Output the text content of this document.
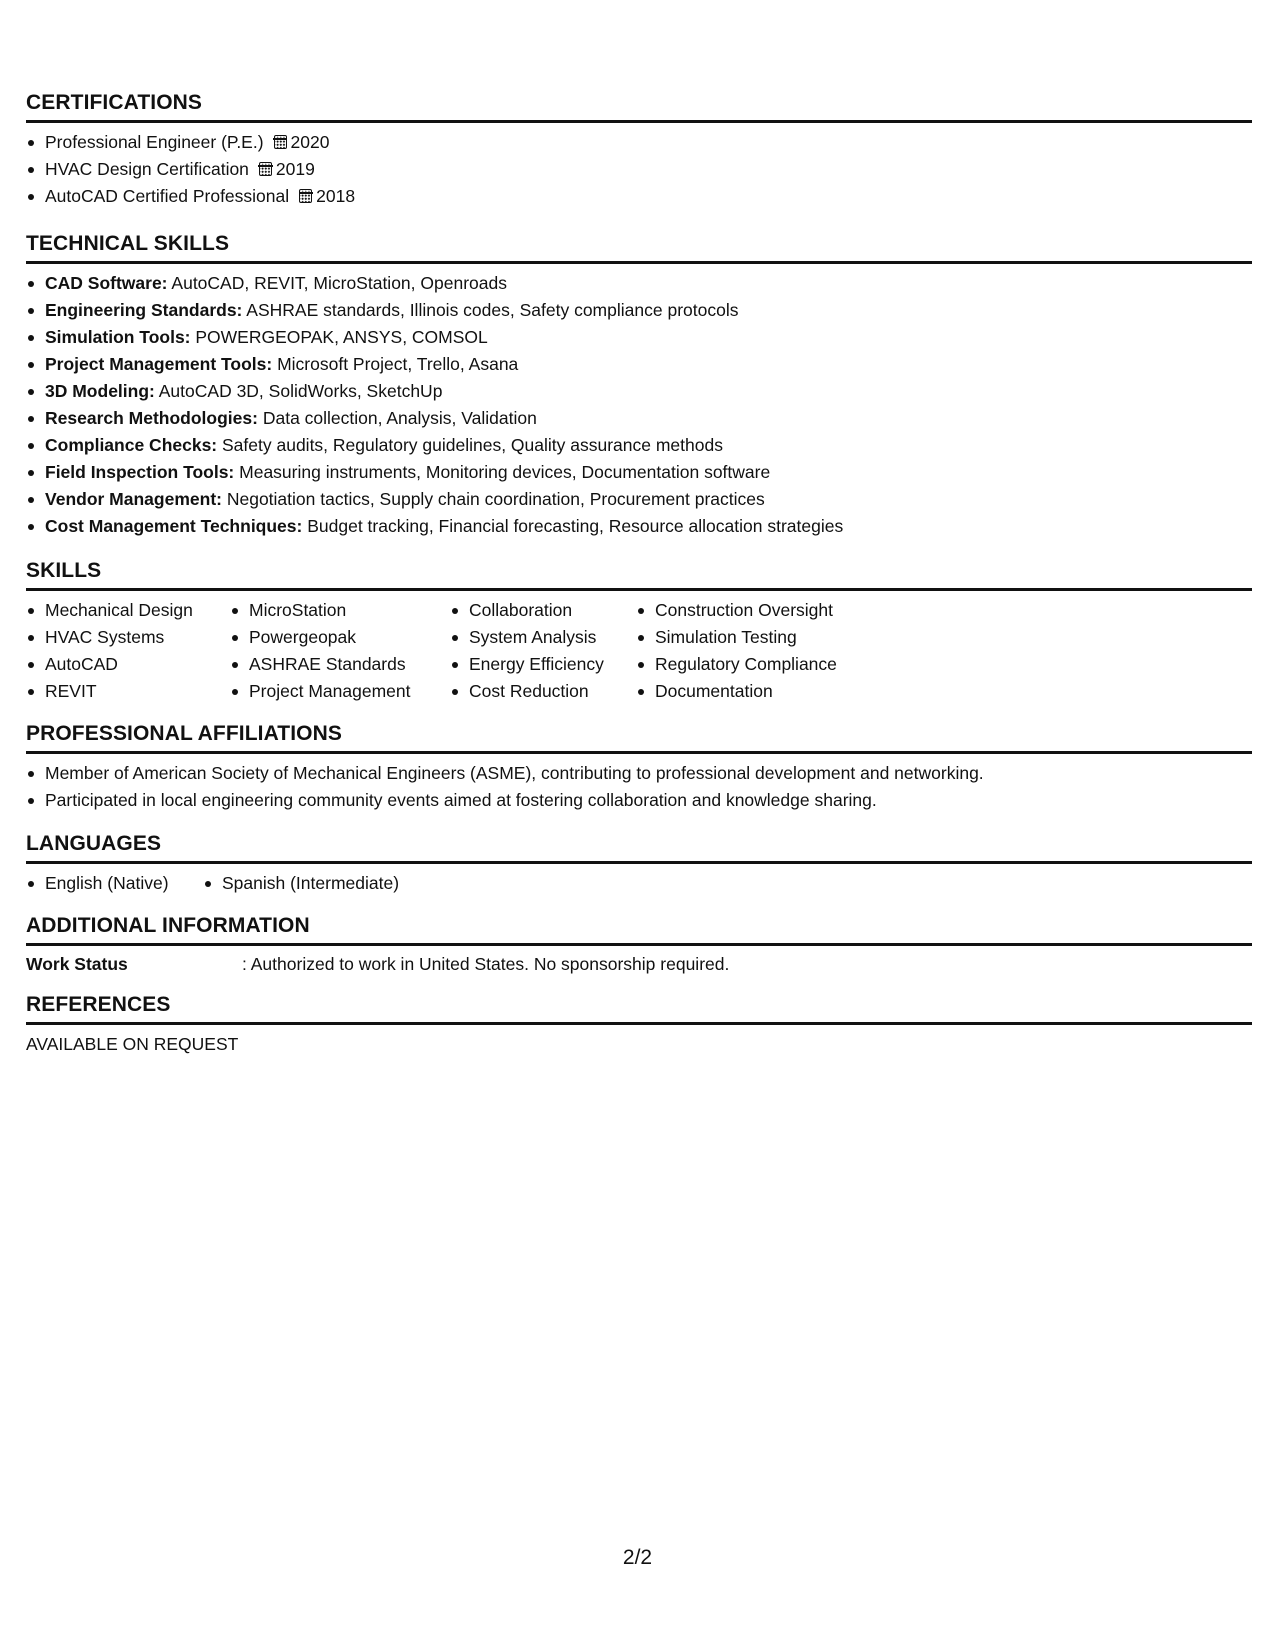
CERTIFICATIONS
Professional Engineer (P.E.) 2020
HVAC Design Certification 2019
AutoCAD Certified Professional 2018
TECHNICAL SKILLS
CAD Software: AutoCAD, REVIT, MicroStation, Openroads
Engineering Standards: ASHRAE standards, Illinois codes, Safety compliance protocols
Simulation Tools: POWERGEOPAK, ANSYS, COMSOL
Project Management Tools: Microsoft Project, Trello, Asana
3D Modeling: AutoCAD 3D, SolidWorks, SketchUp
Research Methodologies: Data collection, Analysis, Validation
Compliance Checks: Safety audits, Regulatory guidelines, Quality assurance methods
Field Inspection Tools: Measuring instruments, Monitoring devices, Documentation software
Vendor Management: Negotiation tactics, Supply chain coordination, Procurement practices
Cost Management Techniques: Budget tracking, Financial forecasting, Resource allocation strategies
SKILLS
Mechanical Design
HVAC Systems
AutoCAD
REVIT
MicroStation
Powergeopak
ASHRAE Standards
Project Management
Collaboration
System Analysis
Energy Efficiency
Cost Reduction
Construction Oversight
Simulation Testing
Regulatory Compliance
Documentation
PROFESSIONAL AFFILIATIONS
Member of American Society of Mechanical Engineers (ASME), contributing to professional development and networking.
Participated in local engineering community events aimed at fostering collaboration and knowledge sharing.
LANGUAGES
English (Native)	Spanish (Intermediate)
ADDITIONAL INFORMATION
Work Status	: Authorized to work in United States. No sponsorship required.
REFERENCES
AVAILABLE ON REQUEST
2/2
